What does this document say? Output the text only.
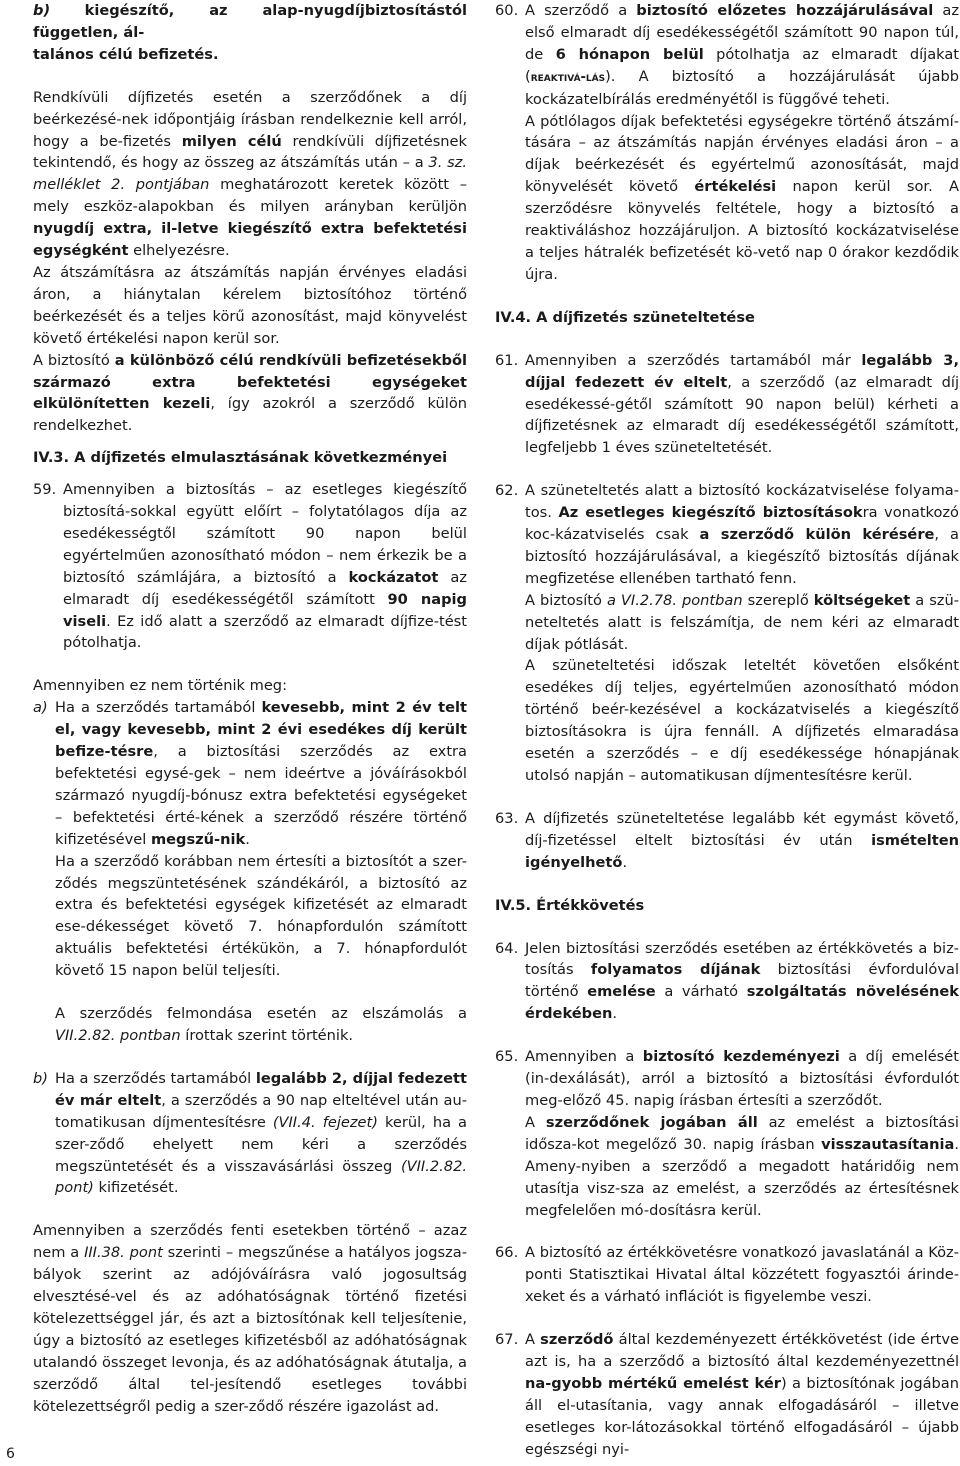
b) kiegészítő, az alap-nyugdíjbiztosítástól független, ál-
talános célú befizetés.

Rendkívüli díjfizetés esetén a szerződőnek a díj beérkezésé-nek időpontjáig írásban rendelkeznie kell arról, hogy a be-fizetés milyen célú rendkívüli díjfizetésnek tekintendő, és hogy az összeg az átszámítás után – a 3. sz. melléklet 2. pontjában meghatározott keretek között – mely eszköz-alapokban és milyen arányban kerüljön nyugdíj extra, il-letve kiegészítő extra befektetési egységként elhelyezésre.

Az átszámításra az átszámítás napján érvényes eladási áron, a hiánytalan kérelem biztosítóhoz történő beérkezését és a teljes körű azonosítást, majd könyvelést követő értékelési napon kerül sor.

A biztosító a különböző célú rendkívüli befizetésekből származó extra befektetési egységeket elkülönítetten kezeli, így azokról a szerződő külön rendelkezhet.

IV.3. A díjfizetés elmulasztásának következményei
59. Amennyiben a biztosítás – az esetleges kiegészítő biztosítá-sokkal együtt előírt – folytatólagos díja az esedékességtől számított 90 napon belül egyértelműen azonosítható módon – nem érkezik be a biztosító számlájára, a biztosító a kockázatot az elmaradt díj esedékességétől számított 90 napig viseli. Ez idő alatt a szerződő az elmaradt díjfize-tést pótolhatja.

Amennyiben ez nem történik meg:

a) Ha a szerződés tartamából kevesebb, mint 2 év telt el, vagy kevesebb, mint 2 évi esedékes díj került befize-tésre, a biztosítási szerződés az extra befektetési egysé-gek – nem ideértve a jóváírásokból származó nyugdíj-bónusz extra befektetési egységeket – befektetési érté-kének a szerződő részére történő kifizetésével megszű-nik.

Ha a szerződő korábban nem értesíti a biztosítót a szer-ződés megszüntetésének szándékáról, a biztosító az extra és befektetési egységek kifizetését az elmaradt ese-dékességet követő 7. hónapfordulón számított aktuális befektetési értékükön, a 7. hónapfordulót követő 15 napon belül teljesíti.

A szerződés felmondása esetén az elszámolás a VII.2.82. pontban írottak szerint történik.

b) Ha a szerződés tartamából legalább 2, díjjal fedezett év már eltelt, a szerződés a 90 nap elteltével után au-tomatikusan díjmentesítésre (VII.4. fejezet) kerül, ha a szer-ződő ehelyett nem kéri a szerződés megszüntetését és a visszavásárlási összeg (VII.2.82. pont) kifizetését.

Amennyiben a szerződés fenti esetekben történő – azaz nem a III.38. pont szerinti – megszűnése a hatályos jogsza-bályok szerint az adójóváírásra való jogosultság elvesztésé-vel és az adóhatóságnak történő fizetési kötelezettséggel jár, és azt a biztosítónak kell teljesítenie, úgy a biztosító az esetleges kifizetésből az adóhatóságnak utalandó összeget levonja, és az adóhatóságnak átutalja, a szerződő által tel-jesítendő esetleges további kötelezettségről pedig a szer-ződő részére igazolást ad.

60. A szerződő a biztosító előzetes hozzájárulásával az első elmaradt díj esedékességétől számított 90 napon túl, de 6 hónapon belül pótolhatja az elmaradt díjakat (reaktivá-lás). A biztosító a hozzájárulását újabb kockázatelbírálás eredményétől is függővé teheti.

A pótlólagos díjak befektetési egységekre történő átszámí-tására – az átszámítás napján érvényes eladási áron – a díjak beérkezését és egyértelmű azonosítását, majd könyvelését követő értékelési napon kerül sor. A szerződésre könyvelés feltétele, hogy a biztosító a reaktiváláshoz hozzájáruljon. A biztosító kockázatviselése a teljes hátralék befizetését kö-vető nap 0 órakor kezdődik újra.

IV.4. A díjfizetés szüneteltetése
61. Amennyiben a szerződés tartamából már legalább 3, díjjal fedezett év eltelt, a szerződő (az elmaradt díj esedékessé-gétől számított 90 napon belül) kérheti a díjfizetésnek az elmaradt díj esedékességétől számított, legfeljebb 1 éves szüneteltetését.

62. A szüneteltetés alatt a biztosító kockázatviselése folyama-tos. Az esetleges kiegészítő biztosításokra vonatkozó koc-kázatviselés csak a szerződő külön kérésére, a biztosító hozzájárulásával, a kiegészítő biztosítás díjának megfizetése ellenében tartható fenn.

A biztosító a VI.2.78. pontban szereplő költségeket a szü-neteltetés alatt is felszámítja, de nem kéri az elmaradt díjak pótlását.

A szüneteltetési időszak leteltét követően elsőként esedékes díj teljes, egyértelműen azonosítható módon történő beér-kezésével a kockázatviselés a kiegészítő biztosításokra is újra fennáll. A díjfizetés elmaradása esetén a szerződés – e díj esedékessége hónapjának utolsó napján – automatikusan díjmentesítésre kerül.

63. A díjfizetés szüneteltetése legalább két egymást követő, díj-fizetéssel eltelt biztosítási év után ismételten igényelhető.

IV.5. Értékkövetés
64. Jelen biztosítási szerződés esetében az értékkövetés a biz-tosítás folyamatos díjának biztosítási évfordulóval történő emelése a várható szolgáltatás növelésének érdekében.

65. Amennyiben a biztosító kezdeményezi a díj emelését (in-dexálását), arról a biztosító a biztosítási évfordulót meg-előző 45. napig írásban értesíti a szerződőt.

A szerződőnek jogában áll az emelést a biztosítási idősza-kot megelőző 30. napig írásban visszautasítania. Ameny-nyiben a szerződő a megadott határidőig nem utasítja visz-sza az emelést, a szerződés az értesítésnek megfelelően mó-dosításra kerül.

66. A biztosító az értékkövetésre vonatkozó javaslatánál a Köz-ponti Statisztikai Hivatal által közzétett fogyasztói árinde-xeket és a várható inflációt is figyelembe veszi.

67. A szerződő által kezdeményezett értékkövetést (ide értve azt is, ha a szerződő a biztosító által kezdeményezettnél na-gyobb mértékű emelést kér) a biztosítónak jogában áll el-utasítania, vagy annak elfogadásáról – illetve esetleges kor-látozásokkal történő elfogadásáról – újabb egészségi nyi-

6
